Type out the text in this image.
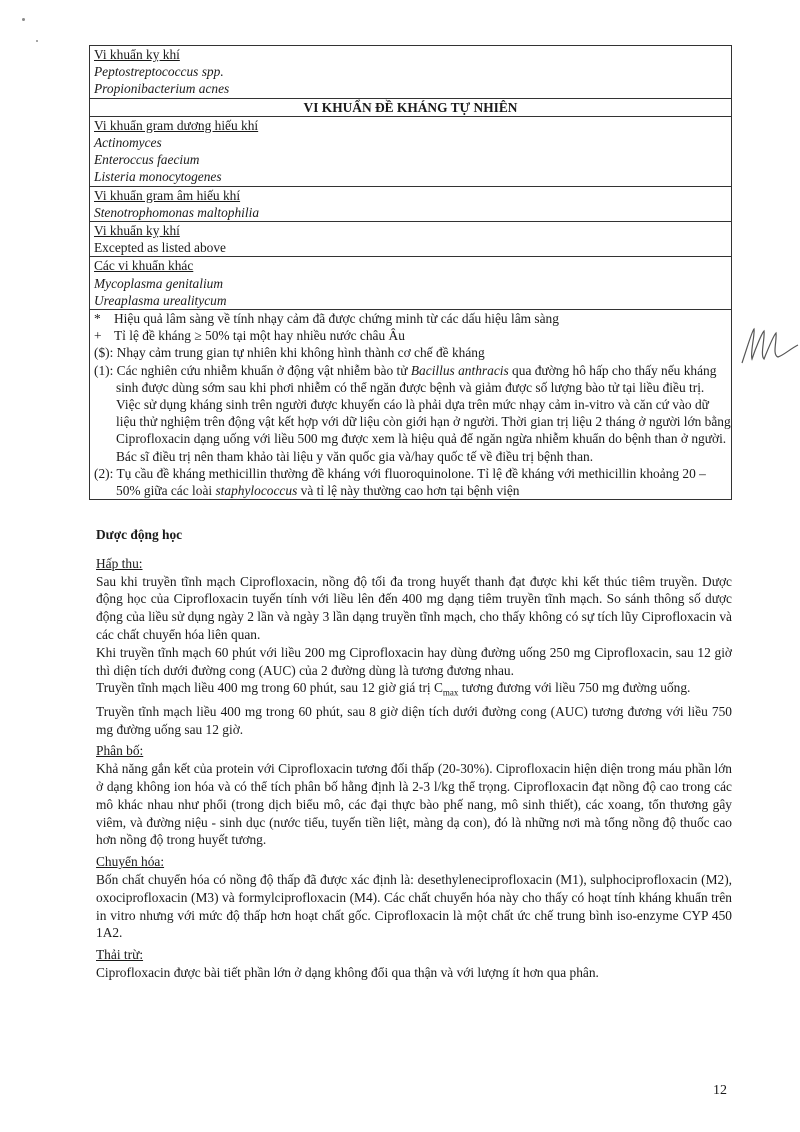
Vi khuẩn kỵ khí
Peptostreptococcus spp.
Propionibacterium acnes
VI KHUẨN ĐỀ KHÁNG TỰ NHIÊN
Vi khuẩn gram dương hiếu khí
Actinomyces
Enteroccus faecium
Listeria monocytogenes
Vi khuẩn gram âm hiếu khí
Stenotrophomonas maltophilia
Vi khuẩn kỵ khí
Excepted as listed above
Các vi khuẩn khác
Mycoplasma genitalium
Ureaplasma urealitycum
* Hiệu quả lâm sàng về tính nhạy cảm đã được chứng minh từ các dấu hiệu lâm sàng
+ Tỉ lệ đề kháng ≥ 50% tại một hay nhiều nước châu Âu
($): Nhạy cảm trung gian tự nhiên khi không hình thành cơ chế đề kháng
(1): Các nghiên cứu nhiễm khuẩn ở động vật nhiễm bào tử Bacillus anthracis qua đường hô hấp cho thấy nếu kháng sinh được dùng sớm sau khi phơi nhiễm có thể ngăn được bệnh và giảm được số lượng bào tử tại liều điều trị. Việc sử dụng kháng sinh trên người được khuyến cáo là phải dựa trên mức nhạy cảm in-vitro và căn cứ vào dữ liệu thử nghiệm trên động vật kết hợp với dữ liệu còn giới hạn ở người. Thời gian trị liệu 2 tháng ở người lớn bằng Ciprofloxacin dạng uống với liều 500 mg được xem là hiệu quả để ngăn ngừa nhiễm khuẩn do bệnh than ở người. Bác sĩ điều trị nên tham khảo tài liệu y văn quốc gia và/hay quốc tế về điều trị bệnh than.
(2): Tụ cầu đề kháng methicillin thường đề kháng với fluoroquinolone. Tỉ lệ đề kháng với methicillin khoảng 20 – 50% giữa các loài staphylococcus và tỉ lệ này thường cao hơn tại bệnh viện

Dược động học

Hấp thu:

Sau khi truyền tĩnh mạch Ciprofloxacin, nồng độ tối đa trong huyết thanh đạt được khi kết thúc tiêm truyền. Dược động học của Ciprofloxacin tuyến tính với liều lên đến 400 mg dạng tiêm truyền tĩnh mạch. So sánh thông số dược động của liều sử dụng ngày 2 lần và ngày 3 lần dạng truyền tĩnh mạch, cho thấy không có sự tích lũy Ciprofloxacin và các chất chuyển hóa liên quan.

Khi truyền tĩnh mạch 60 phút với liều 200 mg Ciprofloxacin hay dùng đường uống 250 mg Ciprofloxacin, sau 12 giờ thì diện tích dưới đường cong (AUC) của 2 đường dùng là tương đương nhau.

Truyền tĩnh mạch liều 400 mg trong 60 phút, sau 12 giờ giá trị $C_{max}$ tương đương với liều 750 mg đường uống.

Truyền tĩnh mạch liều 400 mg trong 60 phút, sau 8 giờ diện tích dưới đường cong (AUC) tương đương với liều 750 mg đường uống sau 12 giờ.

Phân bố:

Khả năng gắn kết của protein với Ciprofloxacin tương đối thấp (20-30%). Ciprofloxacin hiện diện trong máu phần lớn ở dạng không ion hóa và có thể tích phân bố hằng định là 2-3 l/kg thể trọng. Ciprofloxacin đạt nồng độ cao trong các mô khác nhau như phổi (trong dịch biểu mô, các đại thực bào phế nang, mô sinh thiết), các xoang, tổn thương gây viêm, và đường niệu - sinh dục (nước tiểu, tuyến tiền liệt, màng dạ con), đó là những nơi mà tổng nồng độ thuốc cao hơn nồng độ trong huyết tương.

Chuyển hóa:

Bốn chất chuyển hóa có nồng độ thấp đã được xác định là: desethyleneciprofloxacin (M1), sulphociprofloxacin (M2), oxociprofloxacin (M3) và formylciprofloxacin (M4). Các chất chuyển hóa này cho thấy có hoạt tính kháng khuẩn trên in vitro nhưng với mức độ thấp hơn hoạt chất gốc. Ciprofloxacin là một chất ức chế trung bình iso-enzyme CYP 450 1A2.

Thải trừ:

Ciprofloxacin được bài tiết phần lớn ở dạng không đổi qua thận và với lượng ít hơn qua phân.

12
